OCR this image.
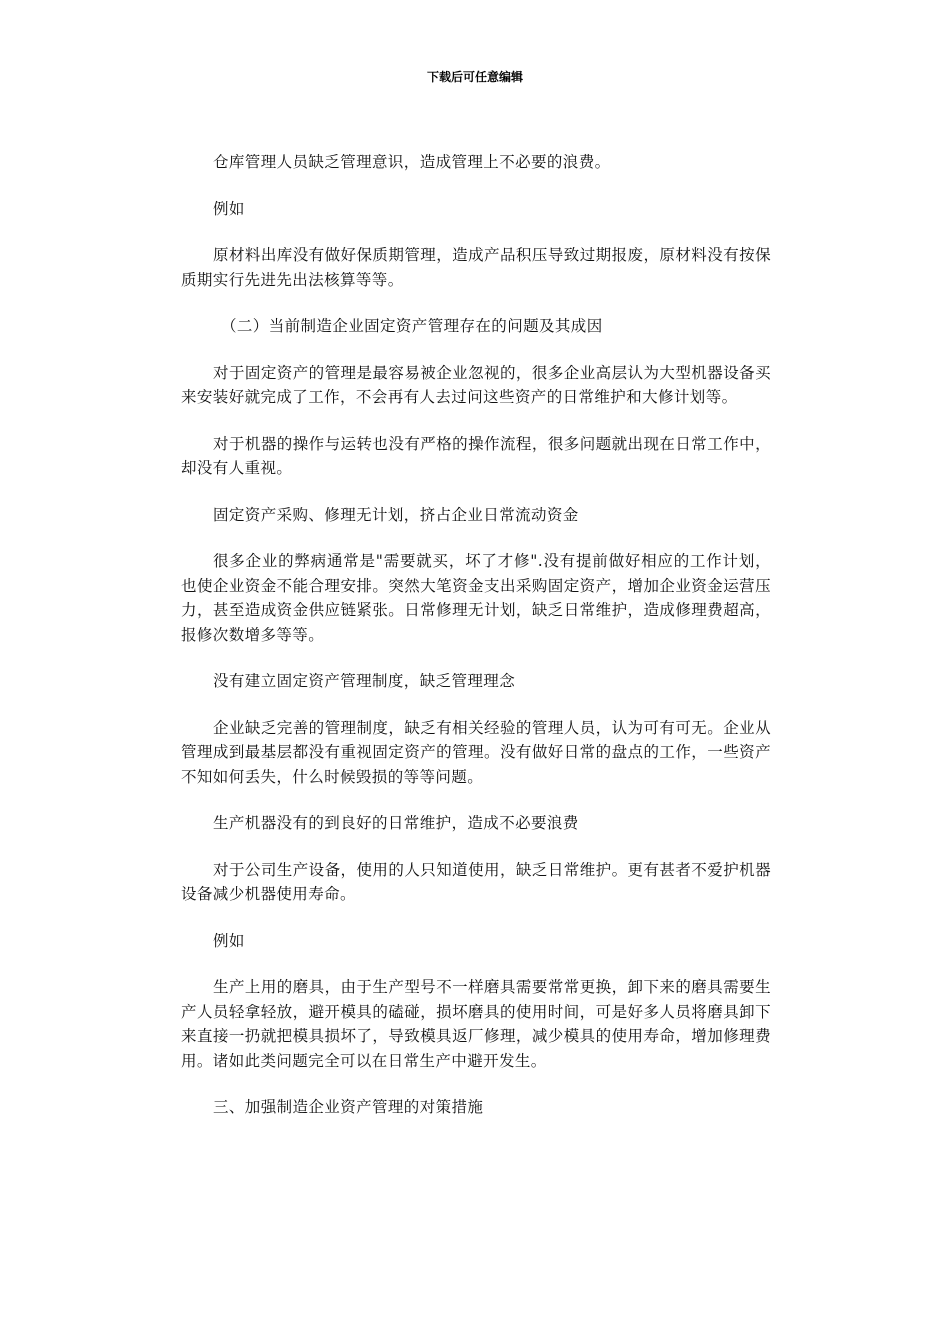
下载后可任意编辑

仓库管理人员缺乏管理意识，造成管理上不必要的浪费。

例如

原材料出库没有做好保质期管理，造成产品积压导致过期报废，原材料没有按保质期实行先进先出法核算等等。

（二）当前制造企业固定资产管理存在的问题及其成因

对于固定资产的管理是最容易被企业忽视的，很多企业高层认为大型机器设备买来安装好就完成了工作，不会再有人去过问这些资产的日常维护和大修计划等。

对于机器的操作与运转也没有严格的操作流程，很多问题就出现在日常工作中，却没有人重视。

固定资产采购、修理无计划，挤占企业日常流动资金

很多企业的弊病通常是"需要就买，坏了才修".没有提前做好相应的工作计划，也使企业资金不能合理安排。突然大笔资金支出采购固定资产，增加企业资金运营压力，甚至造成资金供应链紧张。日常修理无计划，缺乏日常维护，造成修理费超高，报修次数增多等等。

没有建立固定资产管理制度，缺乏管理理念

企业缺乏完善的管理制度，缺乏有相关经验的管理人员，认为可有可无。企业从管理成到最基层都没有重视固定资产的管理。没有做好日常的盘点的工作，一些资产不知如何丢失，什么时候毁损的等等问题。

生产机器没有的到良好的日常维护，造成不必要浪费

对于公司生产设备，使用的人只知道使用，缺乏日常维护。更有甚者不爱护机器设备减少机器使用寿命。

例如

生产上用的磨具，由于生产型号不一样磨具需要常常更换，卸下来的磨具需要生产人员轻拿轻放，避开模具的磕碰，损坏磨具的使用时间，可是好多人员将磨具卸下来直接一扔就把模具损坏了，导致模具返厂修理，减少模具的使用寿命，增加修理费用。诸如此类问题完全可以在日常生产中避开发生。

三、加强制造企业资产管理的对策措施
